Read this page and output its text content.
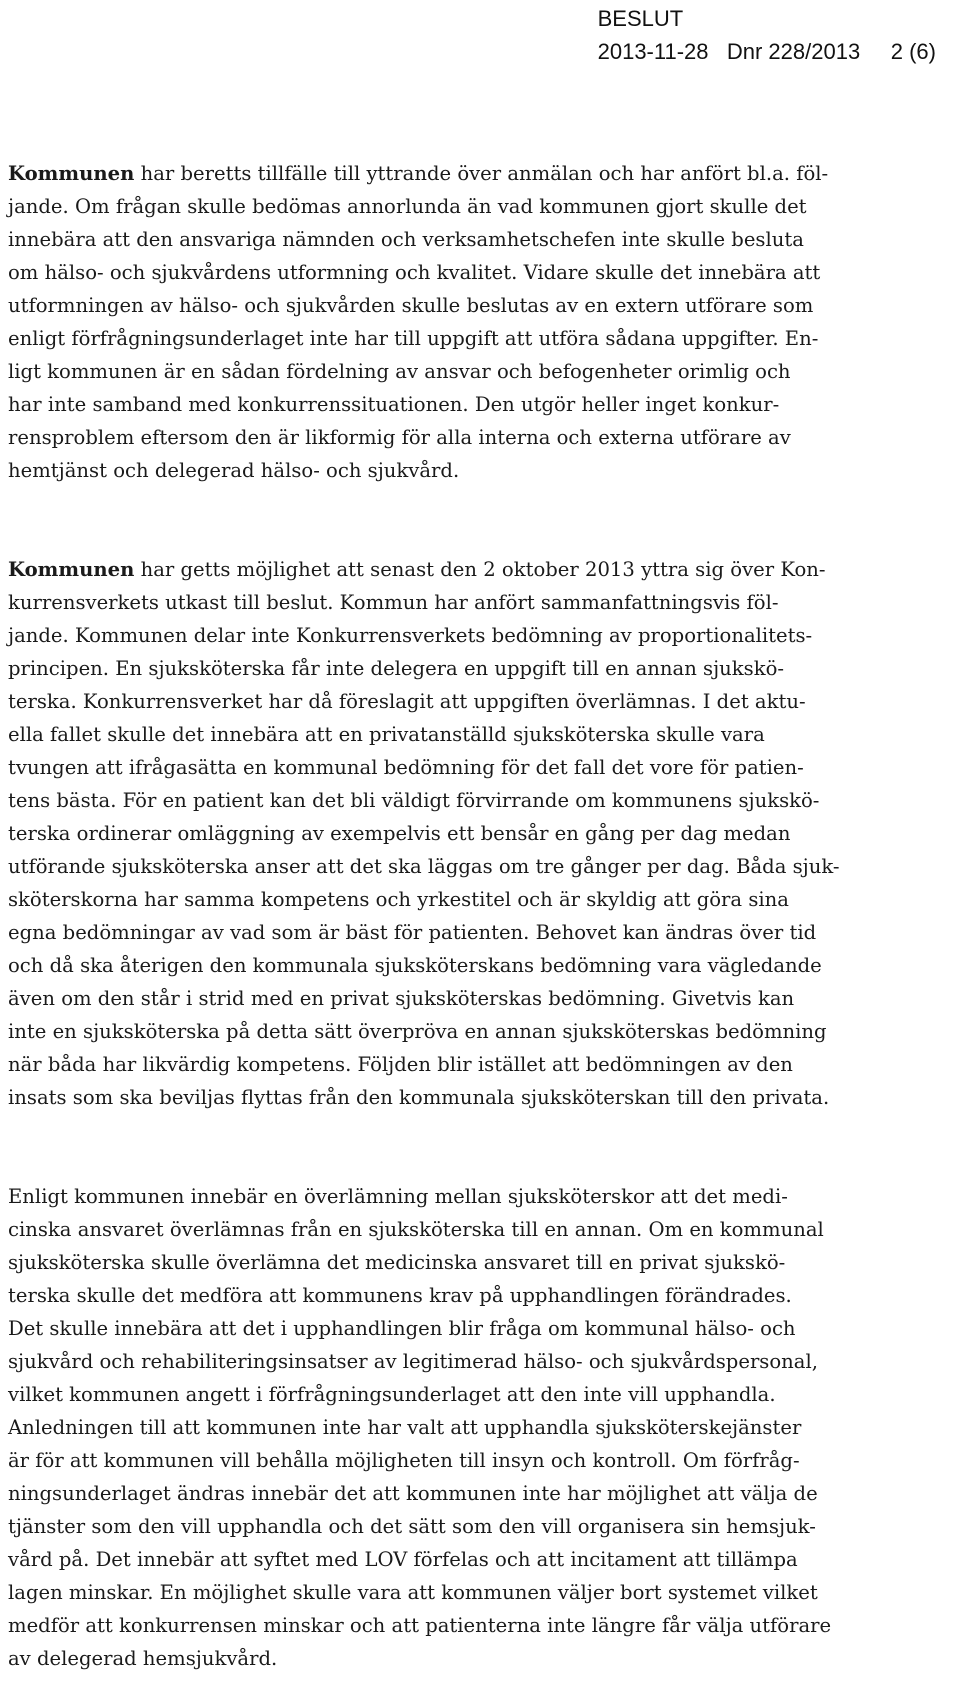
BESLUT
2013-11-28 Dnr 228/2013 2 (6)

Kommunen har beretts tillfälle till yttrande över anmälan och har anfört bl.a. föl-
jande. Om frågan skulle bedömas annorlunda än vad kommunen gjort skulle det
innebära att den ansvariga nämnden och verksamhetschefen inte skulle besluta
om hälso- och sjukvårdens utformning och kvalitet. Vidare skulle det innebära att
utformningen av hälso- och sjukvården skulle beslutas av en extern utförare som
enligt förfrågningsunderlaget inte har till uppgift att utföra sådana uppgifter. En-
ligt kommunen är en sådan fördelning av ansvar och befogenheter orimlig och
har inte samband med konkurrenssituationen. Den utgör heller inget konkur-
rensproblem eftersom den är likformig för alla interna och externa utförare av
hemtjänst och delegerad hälso- och sjukvård.

Kommunen har getts möjlighet att senast den 2 oktober 2013 yttra sig över Kon-
kurrensverkets utkast till beslut. Kommun har anfört sammanfattningsvis föl-
jande. Kommunen delar inte Konkurrensverkets bedömning av proportionalitets-
principen. En sjuksköterska får inte delegera en uppgift till en annan sjukskö-
terska. Konkurrensverket har då föreslagit att uppgiften överlämnas. I det aktu-
ella fallet skulle det innebära att en privatanställd sjuksköterska skulle vara
tvungen att ifrågasätta en kommunal bedömning för det fall det vore för patien-
tens bästa. För en patient kan det bli väldigt förvirrande om kommunens sjukskö-
terska ordinerar omläggning av exempelvis ett bensår en gång per dag medan
utförande sjuksköterska anser att det ska läggas om tre gånger per dag. Båda sjuk-
sköterskorna har samma kompetens och yrkestitel och är skyldig att göra sina
egna bedömningar av vad som är bäst för patienten. Behovet kan ändras över tid
och då ska återigen den kommunala sjuksköterskans bedömning vara vägledande
även om den står i strid med en privat sjuksköterskas bedömning. Givetvis kan
inte en sjuksköterska på detta sätt överpröva en annan sjuksköterskas bedömning
när båda har likvärdig kompetens. Följden blir istället att bedömningen av den
insats som ska beviljas flyttas från den kommunala sjuksköterskan till den privata.

Enligt kommunen innebär en överlämning mellan sjuksköterskor att det medi-
cinska ansvaret överlämnas från en sjuksköterska till en annan. Om en kommunal
sjuksköterska skulle överlämna det medicinska ansvaret till en privat sjukskö-
terska skulle det medföra att kommunens krav på upphandlingen förändrades.
Det skulle innebära att det i upphandlingen blir fråga om kommunal hälso- och
sjukvård och rehabiliteringsinsatser av legitimerad hälso- och sjukvårdspersonal,
vilket kommunen angett i förfrågningsunderlaget att den inte vill upphandla.
Anledningen till att kommunen inte har valt att upphandla sjuksköterskejänster
är för att kommunen vill behålla möjligheten till insyn och kontroll. Om förfråg-
ningsunderlaget ändras innebär det att kommunen inte har möjlighet att välja de
tjänster som den vill upphandla och det sätt som den vill organisera sin hemsjuk-
vård på. Det innebär att syftet med LOV förfelas och att incitament att tillämpa
lagen minskar. En möjlighet skulle vara att kommunen väljer bort systemet vilket
medför att konkurrensen minskar och att patienterna inte längre får välja utförare
av delegerad hemsjukvård.
